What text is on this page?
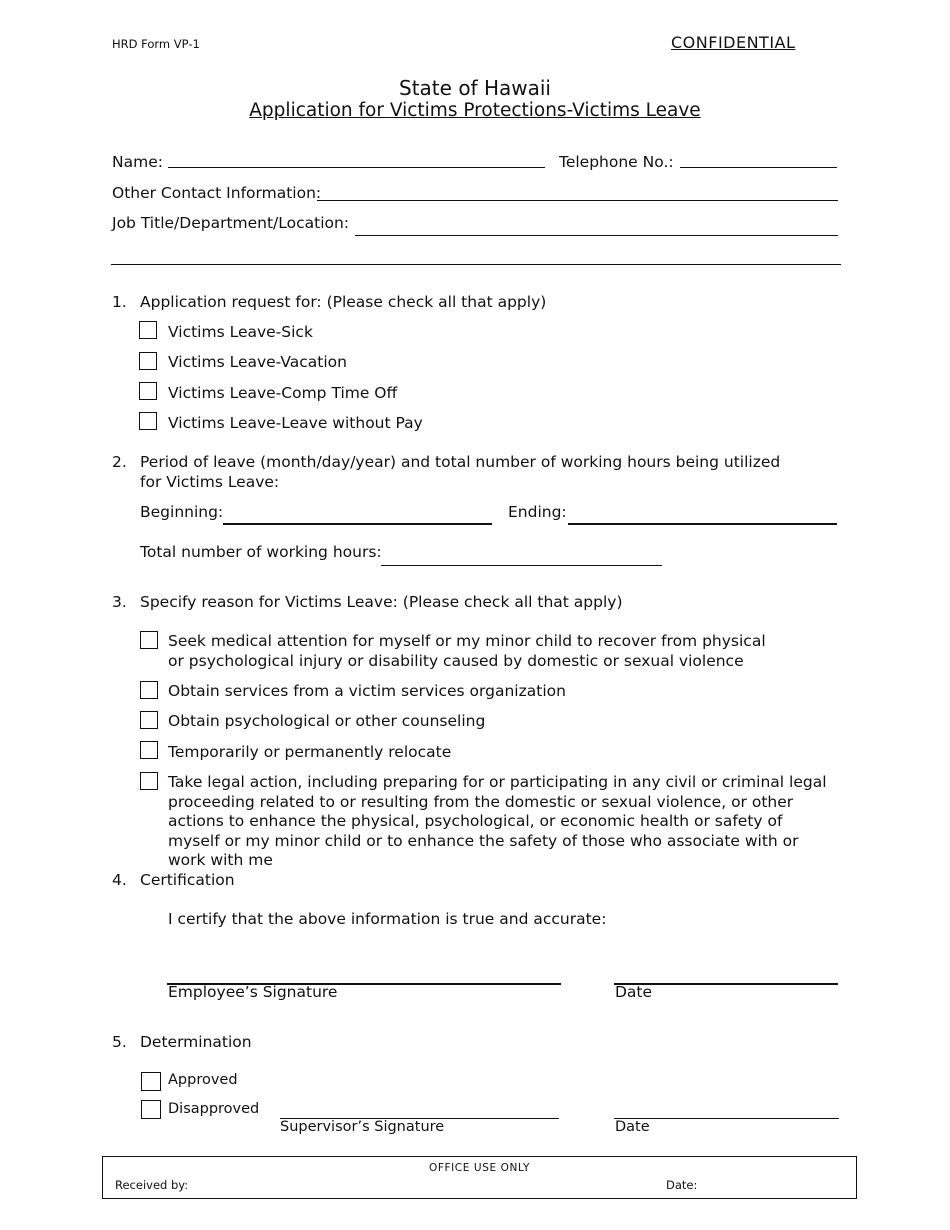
HRD Form VP-1	CONFIDENTIAL
State of Hawaii
Application for Victims Protections-Victims Leave
Name:	Telephone No.:
Other Contact Information:
Job Title/Department/Location:
1. Application request for: (Please check all that apply)
Victims Leave-Sick
Victims Leave-Vacation
Victims Leave-Comp Time Off
Victims Leave-Leave without Pay
2. Period of leave (month/day/year) and total number of working hours being utilized for Victims Leave:
Beginning:	Ending:
Total number of working hours:
3. Specify reason for Victims Leave: (Please check all that apply)
Seek medical attention for myself or my minor child to recover from physical or psychological injury or disability caused by domestic or sexual violence
Obtain services from a victim services organization
Obtain psychological or other counseling
Temporarily or permanently relocate
Take legal action, including preparing for or participating in any civil or criminal legal proceeding related to or resulting from the domestic or sexual violence, or other actions to enhance the physical, psychological, or economic health or safety of myself or my minor child or to enhance the safety of those who associate with or work with me
4. Certification
I certify that the above information is true and accurate:
Employee’s Signature	Date
5. Determination
Approved
Disapproved
Supervisor’s Signature	Date
OFFICE USE ONLY
Received by:	Date:
